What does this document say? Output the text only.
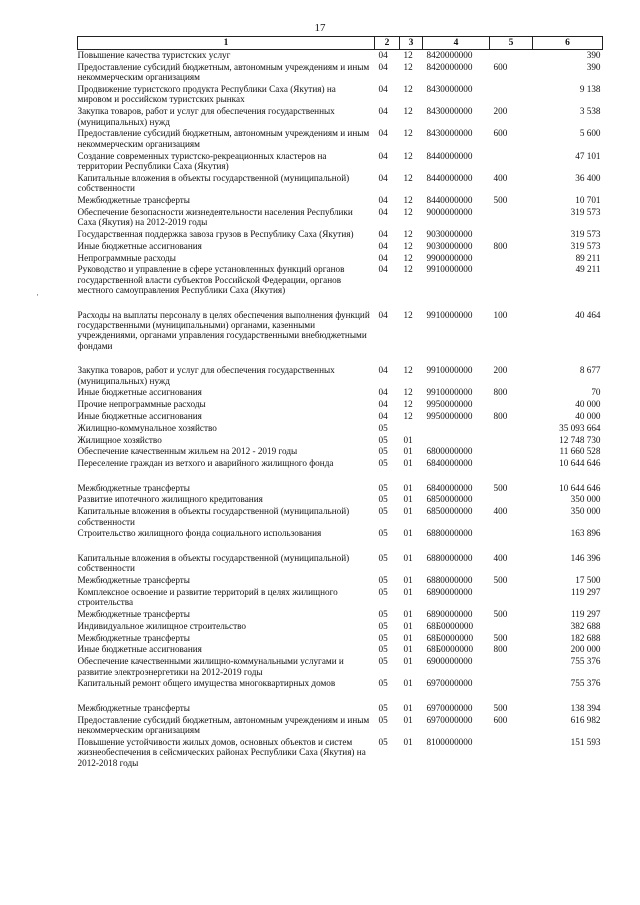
17
·
1	2	3	4	5	6
Повышение качества туристских услуг	04	12	8420000000		390
Предоставление субсидий бюджетным, автономным учреждениям и иным некоммерческим организациям	04	12	8420000000	600	390
Продвижение туристского продукта Республики Саха (Якутия) на мировом и российском туристских рынках	04	12	8430000000		9 138
Закупка товаров, работ и услуг для обеспечения государственных (муниципальных) нужд	04	12	8430000000	200	3 538
Предоставление субсидий бюджетным, автономным учреждениям и иным некоммерческим организациям	04	12	8430000000	600	5 600
Создание современных туристско-рекреационных кластеров на территории Республики Саха (Якутия)	04	12	8440000000		47 101
Капитальные вложения в объекты государственной (муниципальной) собственности	04	12	8440000000	400	36 400
Межбюджетные трансферты	04	12	8440000000	500	10 701
Обеспечение безопасности жизнедеятельности населения Республики Саха (Якутия) на 2012-2019 годы	04	12	9000000000		319 573
Государственная поддержка завоза грузов в Республику Саха (Якутия)	04	12	9030000000		319 573
Иные бюджетные ассигнования	04	12	9030000000	800	319 573
Непрограммные расходы	04	12	9900000000		89 211
Руководство и управление в сфере установленных функций органов государственной власти субъектов Российской Федерации, органов местного самоуправления Республики Саха (Якутия)	04	12	9910000000		49 211
Расходы на выплаты персоналу в целях обеспечения выполнения функций государственными (муниципальными) органами, казенными учреждениями, органами управления государственными внебюджетными фондами	04	12	9910000000	100	40 464
Закупка товаров, работ и услуг для обеспечения государственных (муниципальных) нужд	04	12	9910000000	200	8 677
Иные бюджетные ассигнования	04	12	9910000000	800	70
Прочие непрограммные расходы	04	12	9950000000		40 000
Иные бюджетные ассигнования	04	12	9950000000	800	40 000
Жилищно-коммунальное хозяйство	05				35 093 664
Жилищное хозяйство	05	01			12 748 730
Обеспечение качественным жильем на 2012 - 2019 годы	05	01	6800000000		11 660 528
Переселение граждан из ветхого и аварийного жилищного фонда	05	01	6840000000		10 644 646
Межбюджетные трансферты	05	01	6840000000	500	10 644 646
Развитие ипотечного жилищного кредитования	05	01	6850000000		350 000
Капитальные вложения в объекты государственной (муниципальной) собственности	05	01	6850000000	400	350 000
Строительство жилищного фонда социального использования	05	01	6880000000		163 896
Капитальные вложения в объекты государственной (муниципальной) собственности	05	01	6880000000	400	146 396
Межбюджетные трансферты	05	01	6880000000	500	17 500
Комплексное освоение и развитие территорий в целях жилищного строительства	05	01	6890000000		119 297
Межбюджетные трансферты	05	01	6890000000	500	119 297
Индивидуальное жилищное строительство	05	01	68Б0000000		382 688
Межбюджетные трансферты	05	01	68Б0000000	500	182 688
Иные бюджетные ассигнования	05	01	68Б0000000	800	200 000
Обеспечение качественными жилищно-коммунальными услугами и развитие электроэнергетики на 2012-2019 годы	05	01	6900000000		755 376
Капитальный ремонт общего имущества многоквартирных домов	05	01	6970000000		755 376
Межбюджетные трансферты	05	01	6970000000	500	138 394
Предоставление субсидий бюджетным, автономным учреждениям и иным некоммерческим организациям	05	01	6970000000	600	616 982
Повышение устойчивости жилых домов, основных объектов и систем жизнеобеспечения в сейсмических районах Республики Саха (Якутия) на 2012-2018 годы	05	01	8100000000		151 593
